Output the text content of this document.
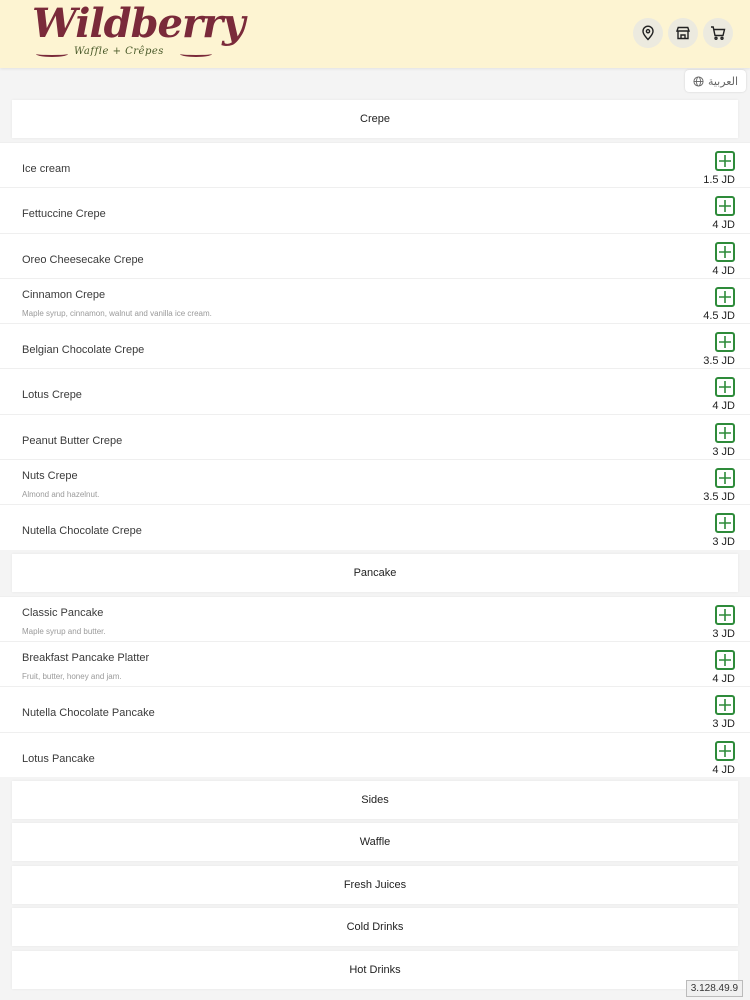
Wildberry
Waffle + Crêpes
العربية
Crepe
Ice cream
1.5 JD
Fettuccine Crepe
4 JD
Oreo Cheesecake Crepe
4 JD
Cinnamon Crepe
Maple syrup, cinnamon, walnut and vanilla ice cream.	4.5 JD
Belgian Chocolate Crepe
3.5 JD
Lotus Crepe
4 JD
Peanut Butter Crepe
3 JD
Nuts Crepe
Almond and hazelnut.	3.5 JD
Nutella Chocolate Crepe
3 JD
Pancake
Classic Pancake
Maple syrup and butter.	3 JD
Breakfast Pancake Platter
Fruit, butter, honey and jam.	4 JD
Nutella Chocolate Pancake
3 JD
Lotus Pancake
4 JD
Sides
Waffle
Fresh Juices
Cold Drinks
Hot Drinks
3.128.49.9
